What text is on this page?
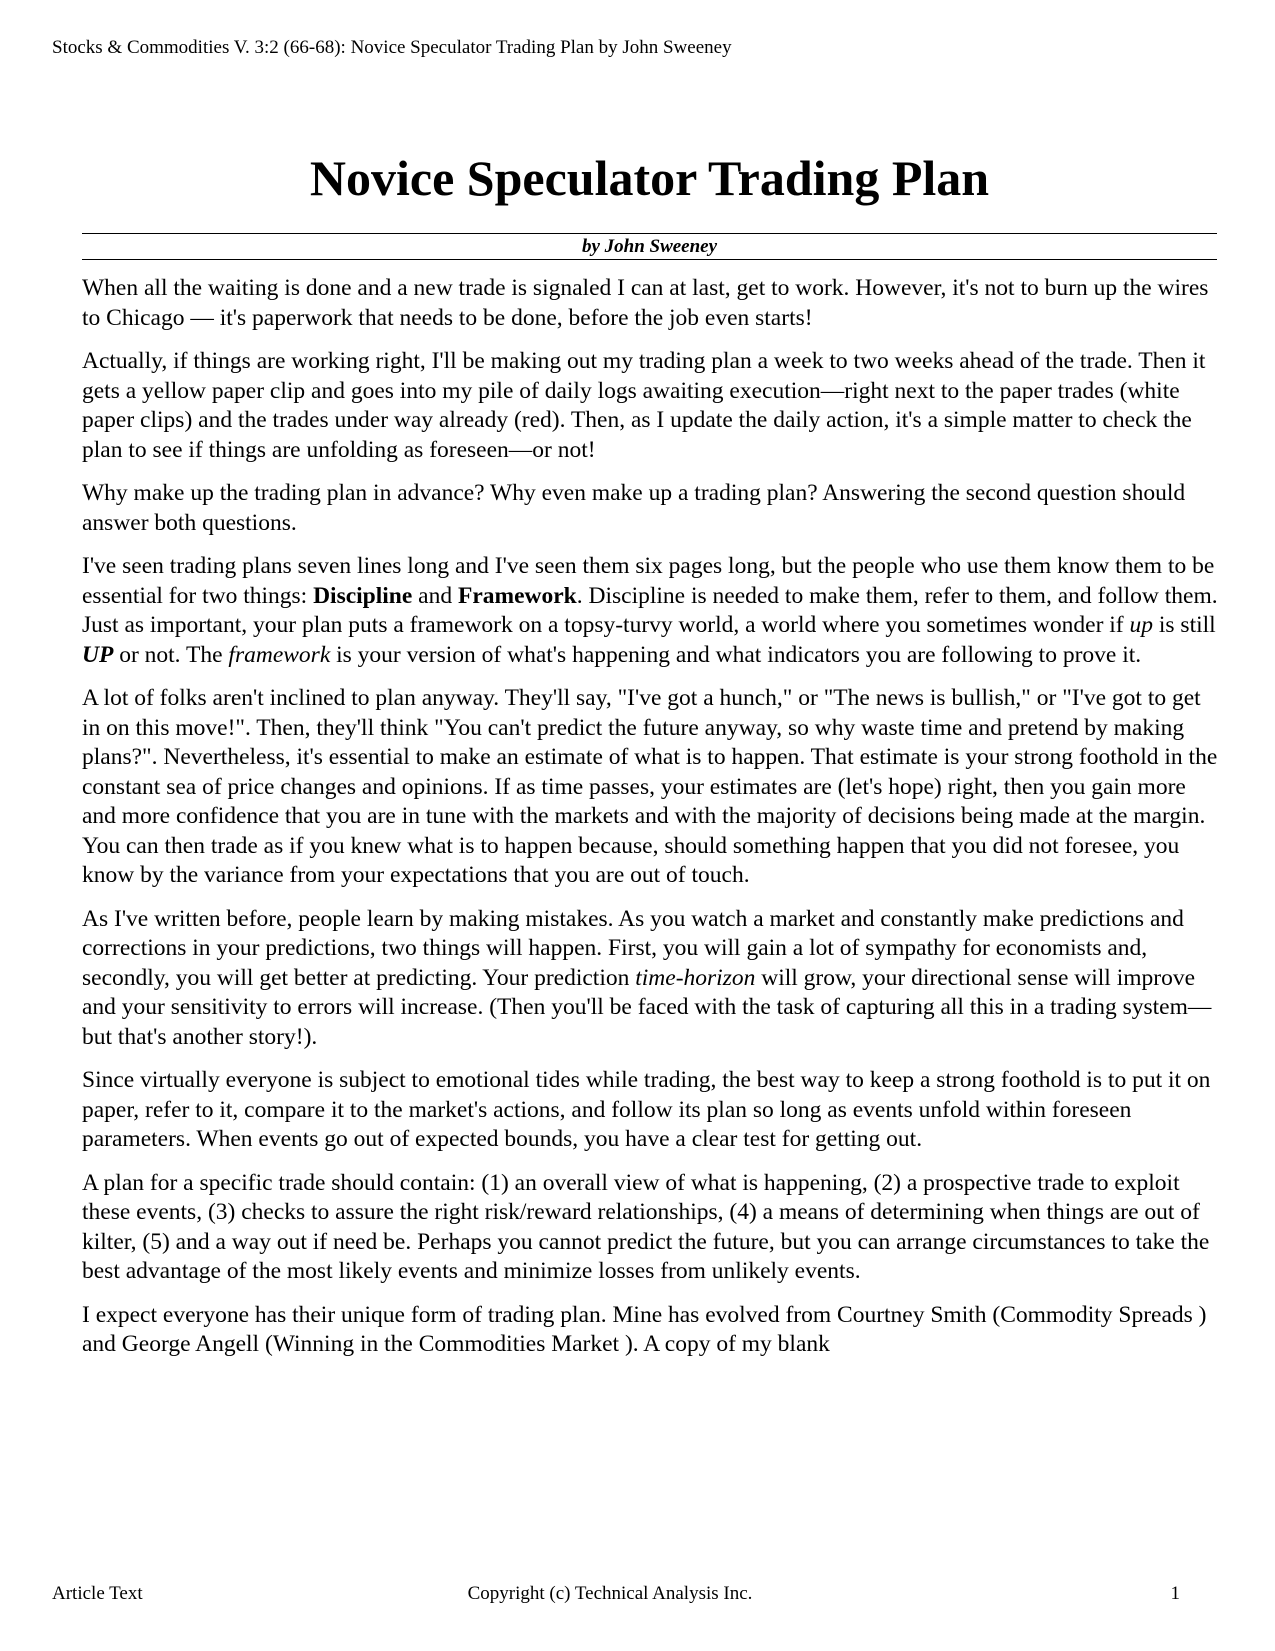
Stocks & Commodities V. 3:2 (66-68): Novice Speculator Trading Plan by John Sweeney
Novice Speculator Trading Plan
by John Sweeney

When all the waiting is done and a new trade is signaled I can at last, get to work. However, it's not to burn up the wires to Chicago — it's paperwork that needs to be done, before the job even starts!

Actually, if things are working right, I'll be making out my trading plan a week to two weeks ahead of the trade. Then it gets a yellow paper clip and goes into my pile of daily logs awaiting execution—right next to the paper trades (white paper clips) and the trades under way already (red). Then, as I update the daily action, it's a simple matter to check the plan to see if things are unfolding as foreseen—or not!

Why make up the trading plan in advance? Why even make up a trading plan? Answering the second question should answer both questions.

I've seen trading plans seven lines long and I've seen them six pages long, but the people who use them know them to be essential for two things: Discipline and Framework. Discipline is needed to make them, refer to them, and follow them. Just as important, your plan puts a framework on a topsy-turvy world, a world where you sometimes wonder if up is still UP or not. The framework is your version of what's happening and what indicators you are following to prove it.

A lot of folks aren't inclined to plan anyway. They'll say, "I've got a hunch," or "The news is bullish," or "I've got to get in on this move!". Then, they'll think "You can't predict the future anyway, so why waste time and pretend by making plans?". Nevertheless, it's essential to make an estimate of what is to happen. That estimate is your strong foothold in the constant sea of price changes and opinions. If as time passes, your estimates are (let's hope) right, then you gain more and more confidence that you are in tune with the markets and with the majority of decisions being made at the margin. You can then trade as if you knew what is to happen because, should something happen that you did not foresee, you know by the variance from your expectations that you are out of touch.

As I've written before, people learn by making mistakes. As you watch a market and constantly make predictions and corrections in your predictions, two things will happen. First, you will gain a lot of sympathy for economists and, secondly, you will get better at predicting. Your prediction time-horizon will grow, your directional sense will improve and your sensitivity to errors will increase. (Then you'll be faced with the task of capturing all this in a trading system—but that's another story!).

Since virtually everyone is subject to emotional tides while trading, the best way to keep a strong foothold is to put it on paper, refer to it, compare it to the market's actions, and follow its plan so long as events unfold within foreseen parameters. When events go out of expected bounds, you have a clear test for getting out.

A plan for a specific trade should contain: (1) an overall view of what is happening, (2) a prospective trade to exploit these events, (3) checks to assure the right risk/reward relationships, (4) a means of determining when things are out of kilter, (5) and a way out if need be. Perhaps you cannot predict the future, but you can arrange circumstances to take the best advantage of the most likely events and minimize losses from unlikely events.

I expect everyone has their unique form of trading plan. Mine has evolved from Courtney Smith (Commodity Spreads ) and George Angell (Winning in the Commodities Market ). A copy of my blank

Article Text	Copyright (c) Technical Analysis Inc.	1
